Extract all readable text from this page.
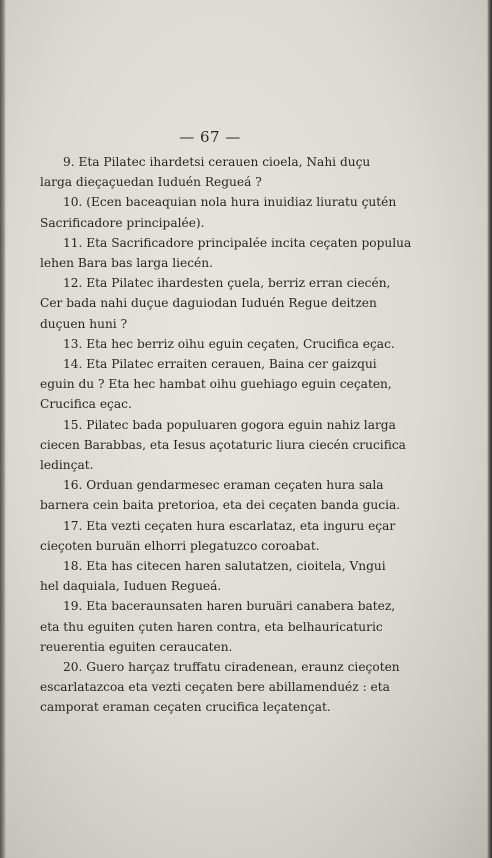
— 67 —

9. Eta Pilatec ihardetsi cerauen cioela, Nahi duçu
larga dieçaçuedan Iuduén Regueá ?

10. (Ecen baceaquian nola hura inuidiaz liuratu çutén
Sacrificadore principalée).

11. Eta Sacrificadore principalée incita ceçaten populua
lehen Bara bas larga liecén.

12. Eta Pilatec ihardesten çuela, berriz erran ciecén,
Cer bada nahi duçue daguiodan Iuduén Regue deitzen
duçuen huni ?

13. Eta hec berriz oihu eguin ceçaten, Crucifica eçac.

14. Eta Pilatec erraiten cerauen, Baina cer gaizqui
eguin du ? Eta hec hambat oihu guehiago eguin ceçaten,
Crucifica eçac.

15. Pilatec bada populuaren gogora eguin nahiz larga
ciecen Barabbas, eta Iesus açotaturic liura ciecén crucifica
ledinçat.

16. Orduan gendarmesec eraman ceçaten hura sala
barnera cein baita pretorioa, eta dei ceçaten banda gucia.

17. Eta vezti ceçaten hura escarlataz, eta inguru eçar
cieçoten buruän elhorri plegatuzco coroabat.

18. Eta has citecen haren salutatzen, cioitela, Vngui
hel daquiala, Iuduen Regueá.

19. Eta baceraunsaten haren buruäri canabera batez,
eta thu eguiten çuten haren contra, eta belhauricaturic
reuerentia eguiten ceraucaten.

20. Guero harçaz truffatu ciradenean, eraunz cieçoten
escarlatazcoa eta vezti ceçaten bere abillamenduéz : eta
camporat eraman ceçaten crucifica leçatençat.
